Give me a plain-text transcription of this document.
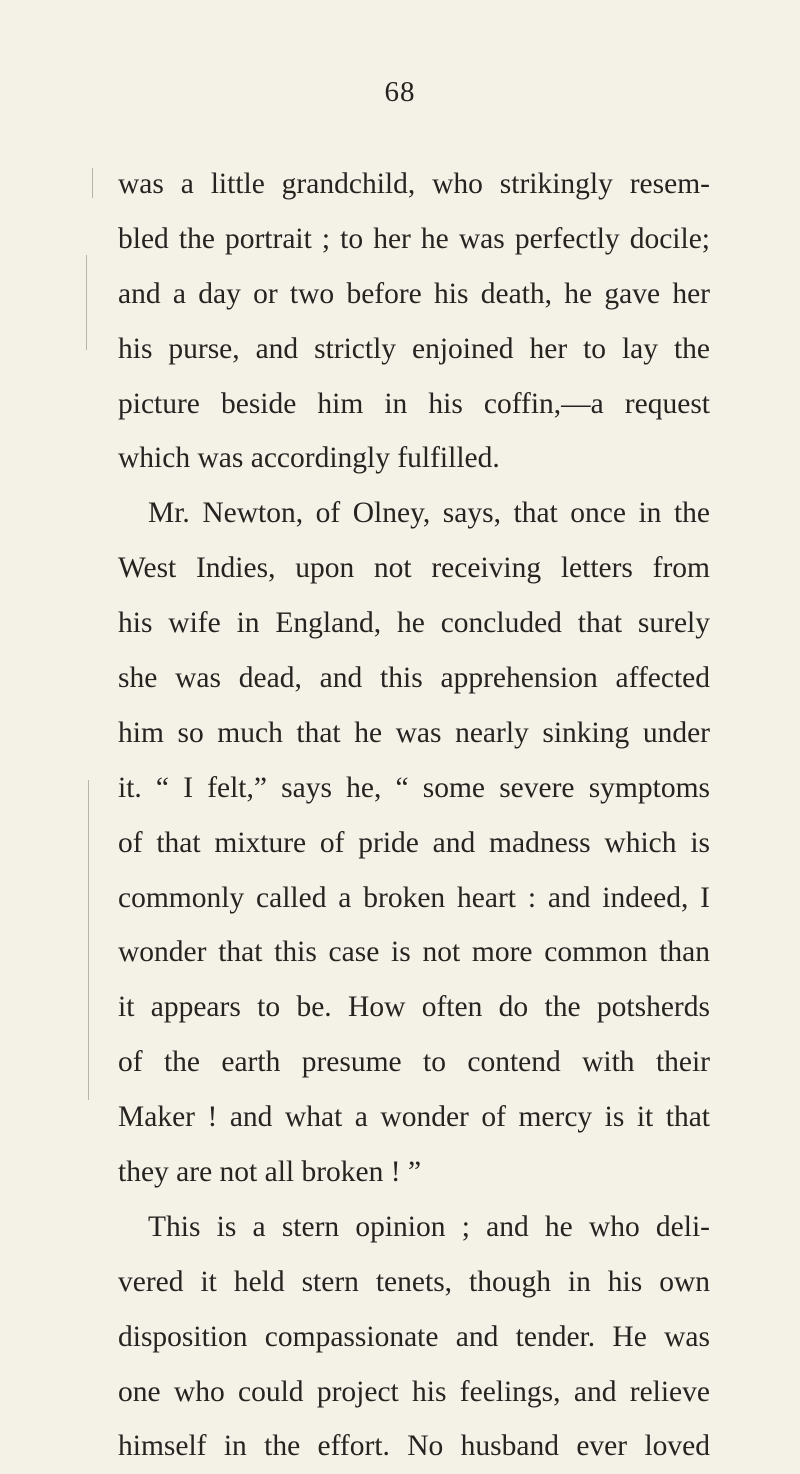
68
was a little grandchild, who strikingly resem-
bled the portrait ; to her he was perfectly docile;
and a day or two before his death, he gave her
his purse, and strictly enjoined her to lay the
picture beside him in his coffin,—a request
which was accordingly fulfilled.
Mr. Newton, of Olney, says, that once in the
West Indies, upon not receiving letters from
his wife in England, he concluded that surely
she was dead, and this apprehension affected
him so much that he was nearly sinking under
it. “ I felt,” says he, “ some severe symptoms
of that mixture of pride and madness which is
commonly called a broken heart : and indeed, I
wonder that this case is not more common than
it appears to be. How often do the potsherds
of the earth presume to contend with their
Maker ! and what a wonder of mercy is it that
they are not all broken ! ”
This is a stern opinion ; and he who deli-
vered it held stern tenets, though in his own
disposition compassionate and tender. He was
one who could project his feelings, and relieve
himself in the effort. No husband ever loved
